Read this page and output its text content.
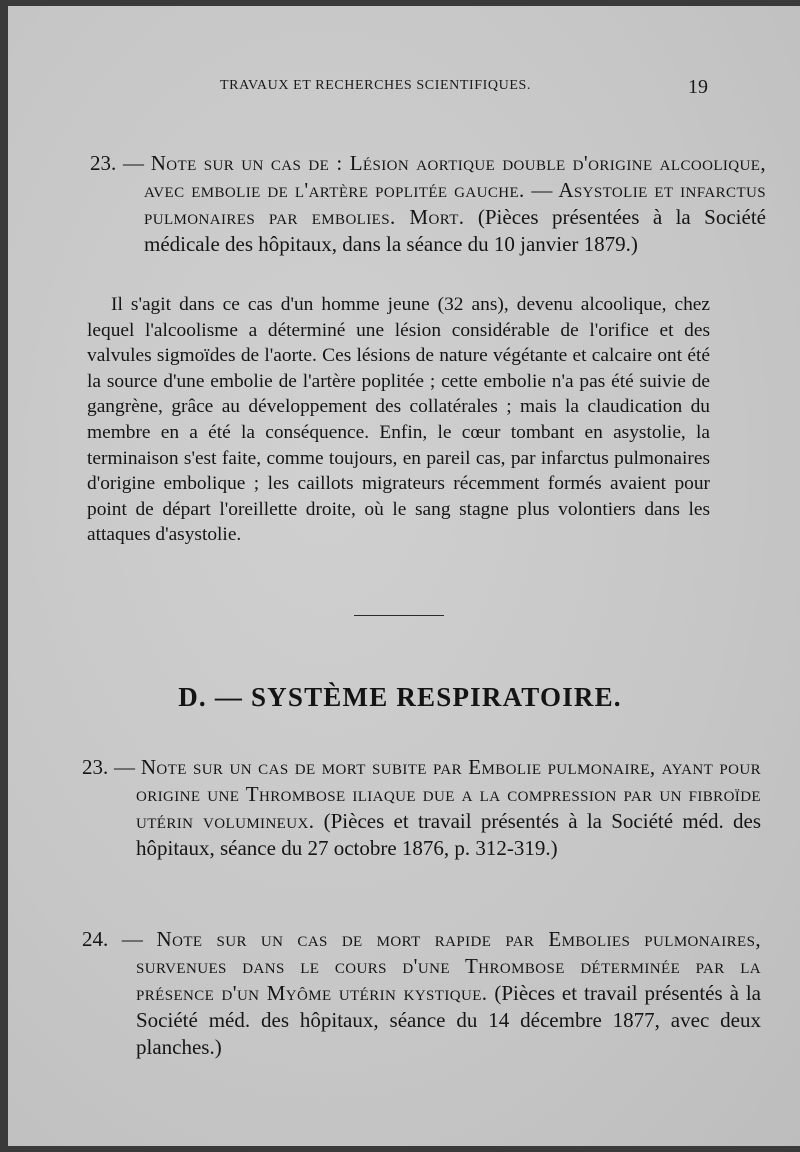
TRAVAUX ET RECHERCHES SCIENTIFIQUES.	19
23. — Note sur un cas de : Lésion aortique double d'origine alcoolique, avec embolie de l'artère poplitée gauche. — Asystolie et infarctus pulmonaires par embolies. Mort. (Pièces présentées à la Société médicale des hôpitaux, dans la séance du 10 janvier 1879.)
Il s'agit dans ce cas d'un homme jeune (32 ans), devenu alcoolique, chez lequel l'alcoolisme a déterminé une lésion considérable de l'orifice et des valvules sigmoïdes de l'aorte. Ces lésions de nature végétante et calcaire ont été la source d'une embolie de l'artère poplitée ; cette embolie n'a pas été suivie de gangrène, grâce au développement des collatérales ; mais la claudication du membre en a été la conséquence. Enfin, le cœur tombant en asystolie, la terminaison s'est faite, comme toujours, en pareil cas, par infarctus pulmonaires d'origine embolique ; les caillots migrateurs récemment formés avaient pour point de départ l'oreillette droite, où le sang stagne plus volontiers dans les attaques d'asystolie.
D. — SYSTÈME RESPIRATOIRE.
23. — Note sur un cas de mort subite par Embolie pulmonaire, ayant pour origine une Thrombose iliaque due a la compression par un fibroïde utérin volumineux. (Pièces et travail présentés à la Société méd. des hôpitaux, séance du 27 octobre 1876, p. 312-319.)
24. — Note sur un cas de mort rapide par Embolies pulmonaires, survenues dans le cours d'une Thrombose déterminée par la présence d'un Myôme utérin kystique. (Pièces et travail présentés à la Société méd. des hôpitaux, séance du 14 décembre 1877, avec deux planches.)
